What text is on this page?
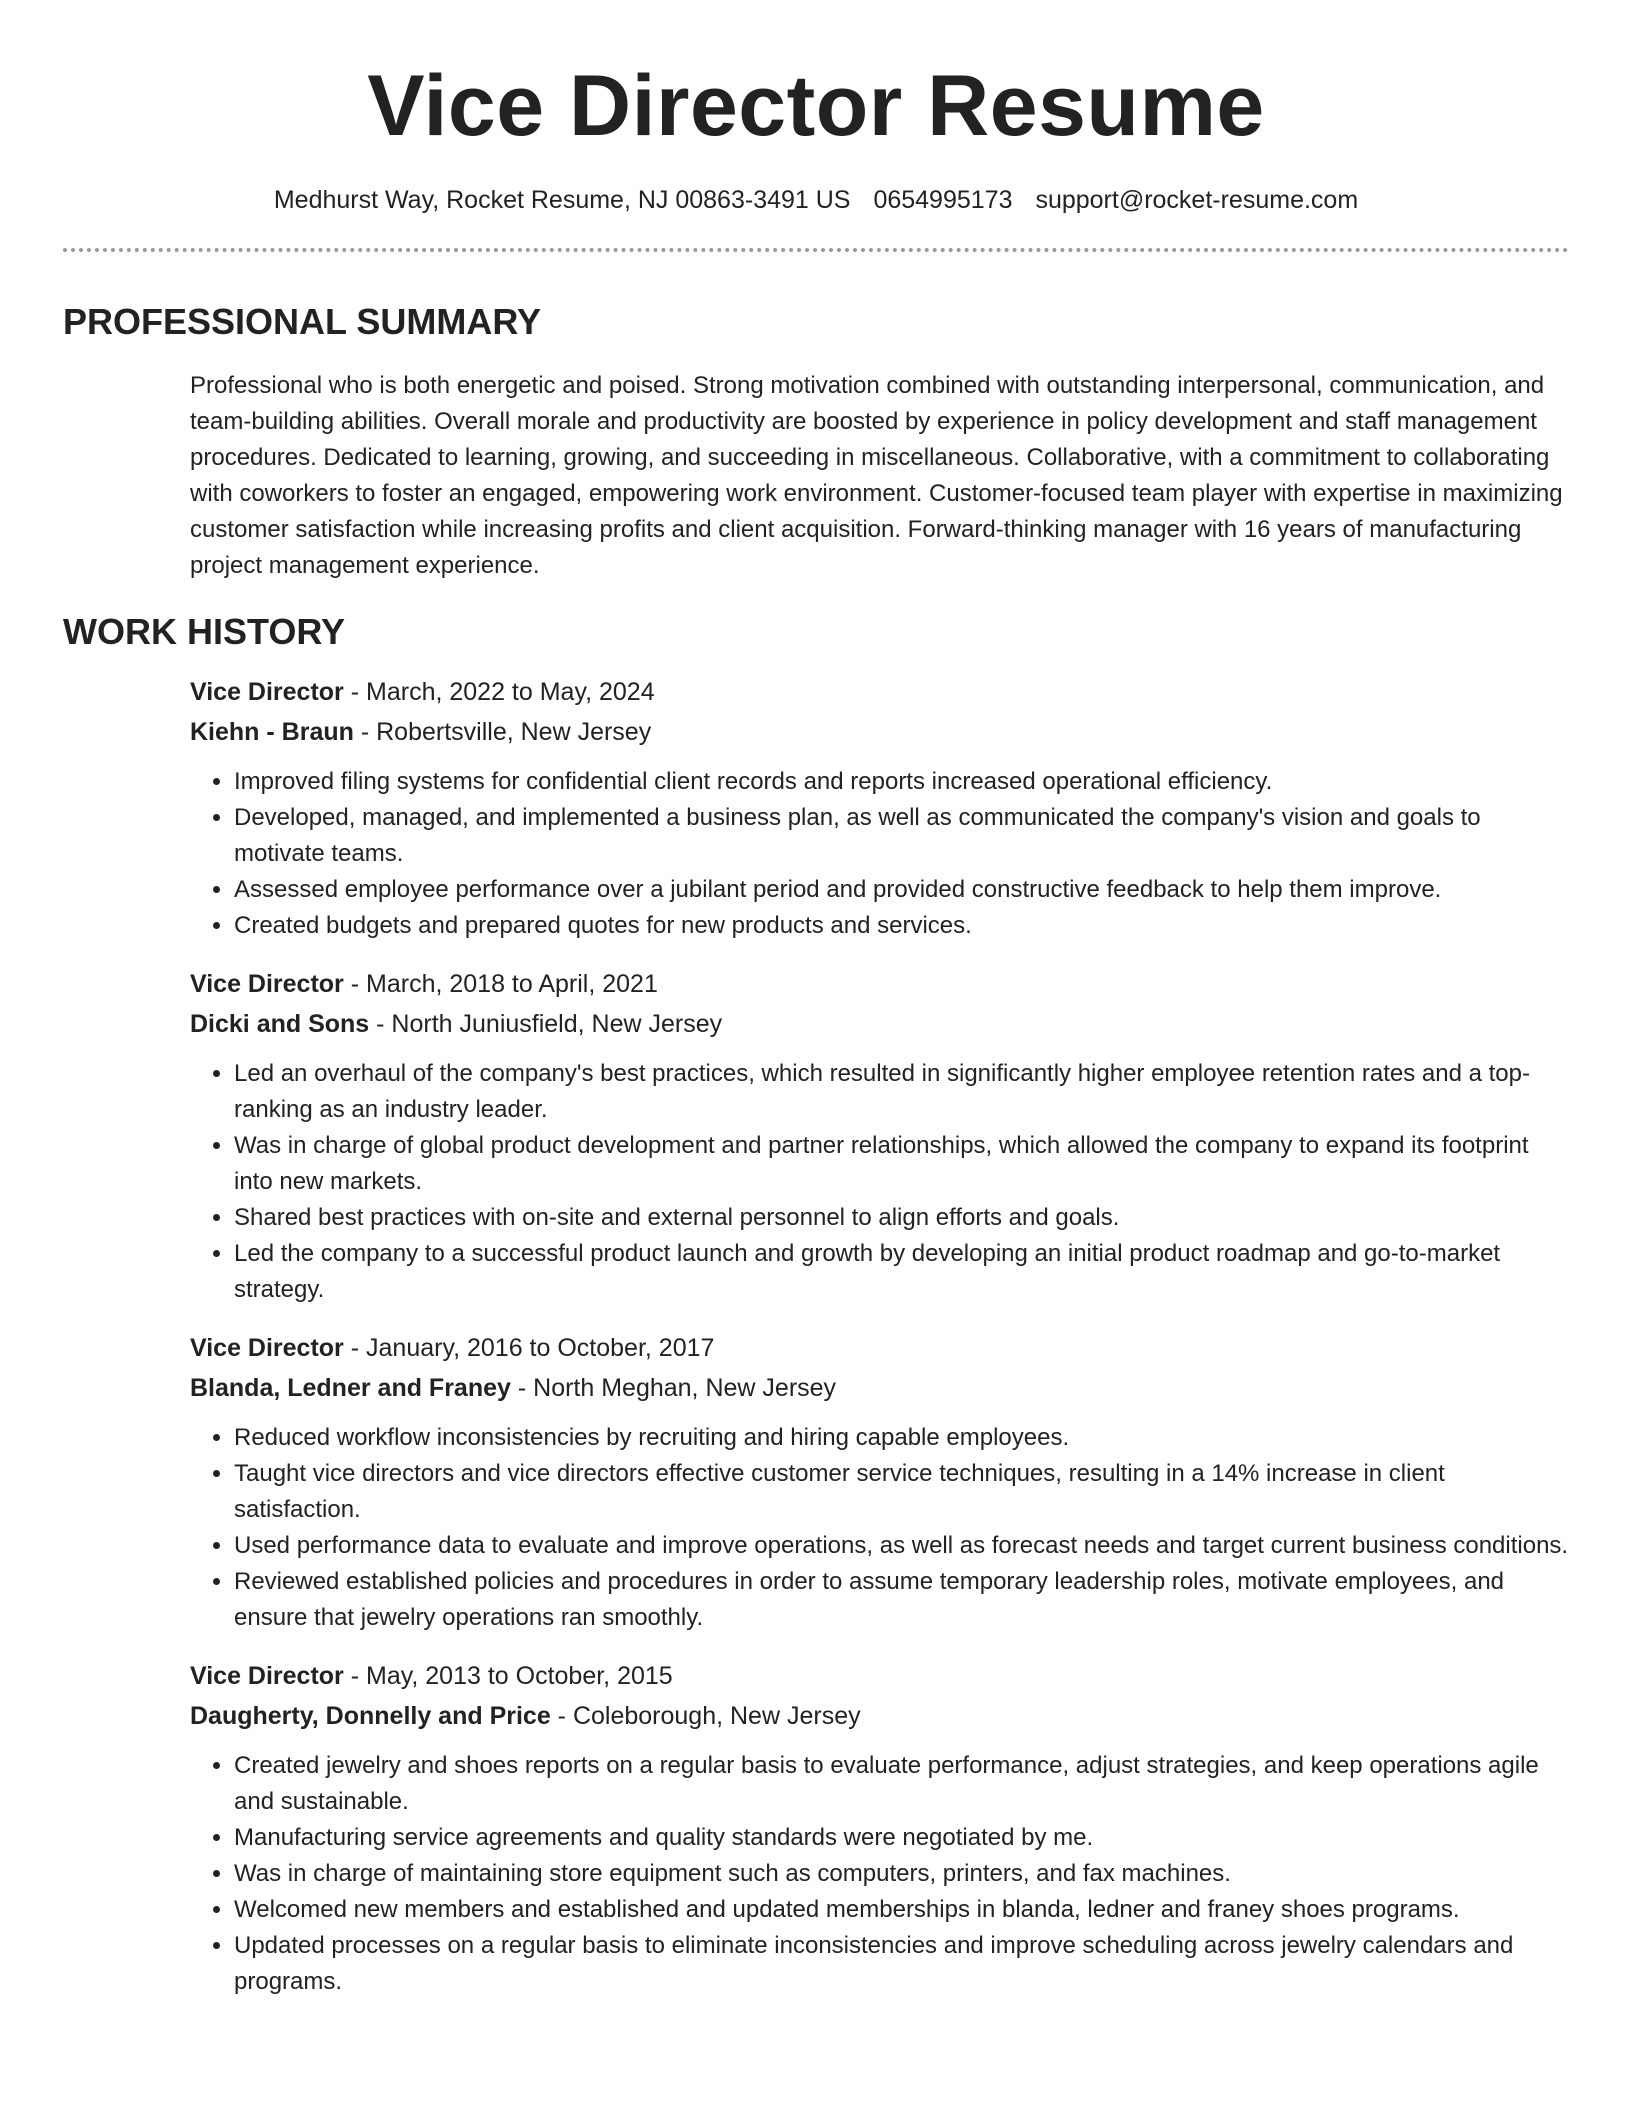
Vice Director Resume
Medhurst Way, Rocket Resume, NJ 00863-3491 US 0654995173 support@rocket-resume.com
PROFESSIONAL SUMMARY

Professional who is both energetic and poised. Strong motivation combined with outstanding interpersonal, communication, and team-building abilities. Overall morale and productivity are boosted by experience in policy development and staff management procedures. Dedicated to learning, growing, and succeeding in miscellaneous. Collaborative, with a commitment to collaborating with coworkers to foster an engaged, empowering work environment. Customer-focused team player with expertise in maximizing customer satisfaction while increasing profits and client acquisition. Forward-thinking manager with 16 years of manufacturing project management experience.

WORK HISTORY
Vice Director - March, 2022 to May, 2024
Kiehn - Braun - Robertsville, New Jersey
• Improved filing systems for confidential client records and reports increased operational efficiency.
• Developed, managed, and implemented a business plan, as well as communicated the company's vision and goals to motivate teams.
• Assessed employee performance over a jubilant period and provided constructive feedback to help them improve.
• Created budgets and prepared quotes for new products and services.
Vice Director - March, 2018 to April, 2021
Dicki and Sons - North Juniusfield, New Jersey
• Led an overhaul of the company's best practices, which resulted in significantly higher employee retention rates and a top-ranking as an industry leader.
• Was in charge of global product development and partner relationships, which allowed the company to expand its footprint into new markets.
• Shared best practices with on-site and external personnel to align efforts and goals.
• Led the company to a successful product launch and growth by developing an initial product roadmap and go-to-market strategy.
Vice Director - January, 2016 to October, 2017
Blanda, Ledner and Franey - North Meghan, New Jersey
• Reduced workflow inconsistencies by recruiting and hiring capable employees.
• Taught vice directors and vice directors effective customer service techniques, resulting in a 14% increase in client satisfaction.
• Used performance data to evaluate and improve operations, as well as forecast needs and target current business conditions.
• Reviewed established policies and procedures in order to assume temporary leadership roles, motivate employees, and ensure that jewelry operations ran smoothly.
Vice Director - May, 2013 to October, 2015
Daugherty, Donnelly and Price - Coleborough, New Jersey
• Created jewelry and shoes reports on a regular basis to evaluate performance, adjust strategies, and keep operations agile and sustainable.
• Manufacturing service agreements and quality standards were negotiated by me.
• Was in charge of maintaining store equipment such as computers, printers, and fax machines.
• Welcomed new members and established and updated memberships in blanda, ledner and franey shoes programs.
• Updated processes on a regular basis to eliminate inconsistencies and improve scheduling across jewelry calendars and programs.
